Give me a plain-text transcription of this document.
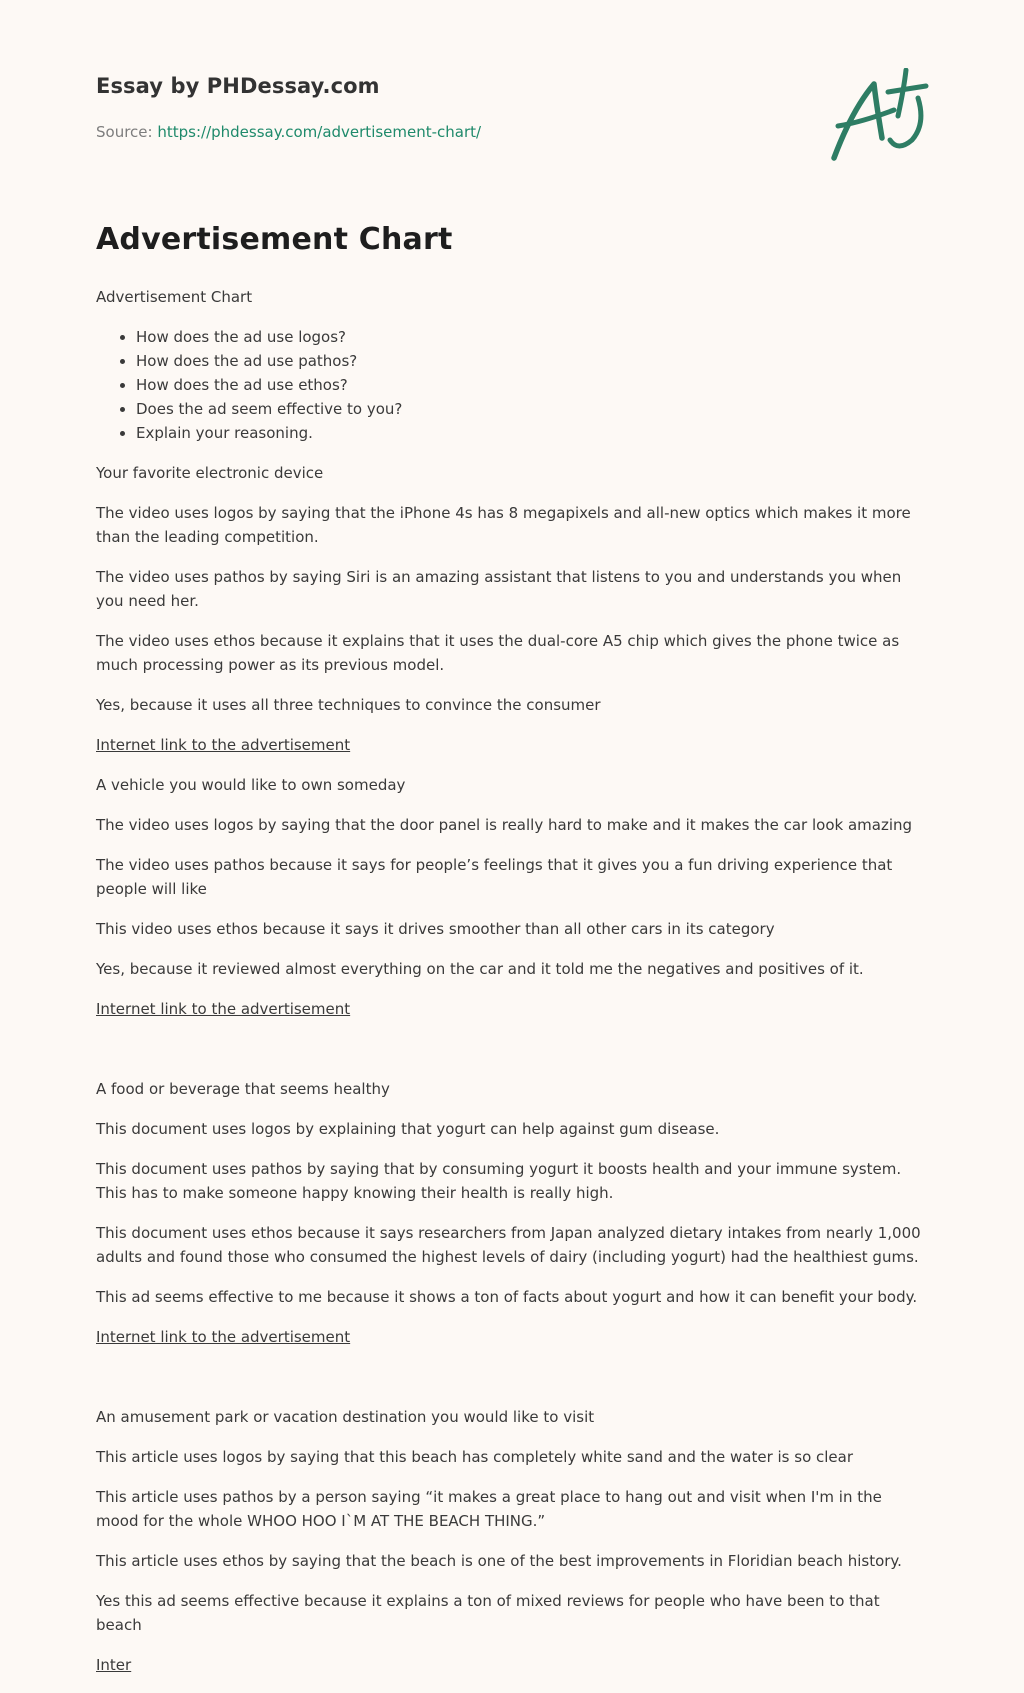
Essay by PHDessay.com
Source: https://phdessay.com/advertisement-chart/
Advertisement Chart

Advertisement Chart

• How does the ad use logos?
• How does the ad use pathos?
• How does the ad use ethos?
• Does the ad seem effective to you?
• Explain your reasoning.

Your favorite electronic device

The video uses logos by saying that the iPhone 4s has 8 megapixels and all-new optics which makes it more than the leading competition.

The video uses pathos by saying Siri is an amazing assistant that listens to you and understands you when you need her.

The video uses ethos because it explains that it uses the dual-core A5 chip which gives the phone twice as much processing power as its previous model.

Yes, because it uses all three techniques to convince the consumer

Internet link to the advertisement

A vehicle you would like to own someday

The video uses logos by saying that the door panel is really hard to make and it makes the car look amazing

The video uses pathos because it says for people’s feelings that it gives you a fun driving experience that people will like

This video uses ethos because it says it drives smoother than all other cars in its category

Yes, because it reviewed almost everything on the car and it told me the negatives and positives of it.

Internet link to the advertisement

A food or beverage that seems healthy

This document uses logos by explaining that yogurt can help against gum disease.

This document uses pathos by saying that by consuming yogurt it boosts health and your immune system. This has to make someone happy knowing their health is really high.

This document uses ethos because it says researchers from Japan analyzed dietary intakes from nearly 1,000 adults and found those who consumed the highest levels of dairy (including yogurt) had the healthiest gums.

This ad seems effective to me because it shows a ton of facts about yogurt and how it can benefit your body.

Internet link to the advertisement

An amusement park or vacation destination you would like to visit

This article uses logos by saying that this beach has completely white sand and the water is so clear

This article uses pathos by a person saying “it makes a great place to hang out and visit when I'm in the mood for the whole WHOO HOO I`M AT THE BEACH THING.”

This article uses ethos by saying that the beach is one of the best improvements in Floridian beach history.

Yes this ad seems effective because it explains a ton of mixed reviews for people who have been to that beach

Inter
